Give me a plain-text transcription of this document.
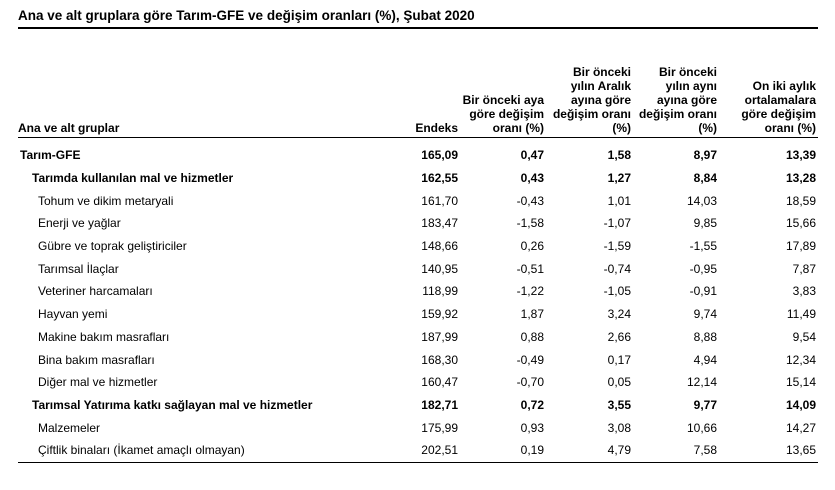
Ana ve alt gruplara göre Tarım-GFE ve değişim oranları (%), Şubat 2020
Ana ve alt gruplar	Endeks	Bir önceki aya göre değişim oranı (%)	Bir önceki yılın Aralık ayına göre değişim oranı (%)	Bir önceki yılın aynı ayına göre değişim oranı (%)	On iki aylık ortalamalara göre değişim oranı (%)
Tarım-GFE	165,09	0,47	1,58	8,97	13,39
Tarımda kullanılan mal ve hizmetler	162,55	0,43	1,27	8,84	13,28
Tohum ve dikim metaryali	161,70	-0,43	1,01	14,03	18,59
Enerji ve yağlar	183,47	-1,58	-1,07	9,85	15,66
Gübre ve toprak geliştiriciler	148,66	0,26	-1,59	-1,55	17,89
Tarımsal İlaçlar	140,95	-0,51	-0,74	-0,95	7,87
Veteriner harcamaları	118,99	-1,22	-1,05	-0,91	3,83
Hayvan yemi	159,92	1,87	3,24	9,74	11,49
Makine bakım masrafları	187,99	0,88	2,66	8,88	9,54
Bina bakım masrafları	168,30	-0,49	0,17	4,94	12,34
Diğer mal ve hizmetler	160,47	-0,70	0,05	12,14	15,14
Tarımsal Yatırıma katkı sağlayan mal ve hizmetler	182,71	0,72	3,55	9,77	14,09
Malzemeler	175,99	0,93	3,08	10,66	14,27
Çiftlik binaları (İkamet amaçlı olmayan)	202,51	0,19	4,79	7,58	13,65
